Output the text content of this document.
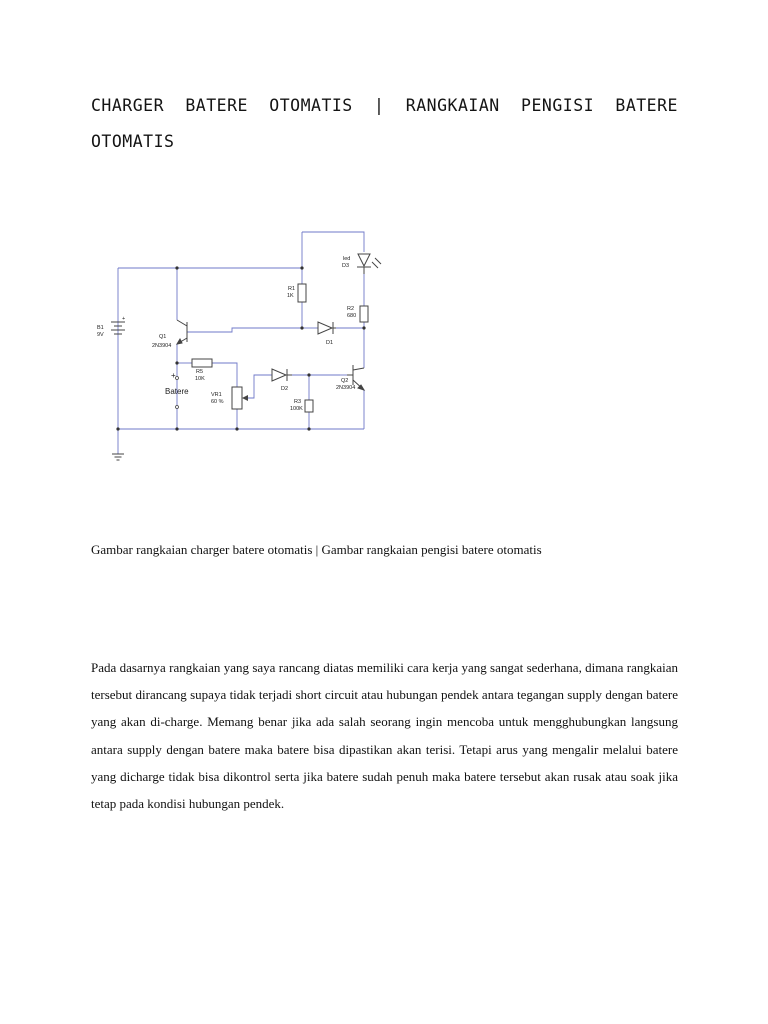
CHARGER BATERE OTOMATIS | RANGKAIAN PENGISI BATERE OTOMATIS
B1
9V
+
Q1
2N3904
R5
10K
+
Batere	VR1
60 %
R1
1K
led
D3
R2
680
D1
D2
R3
100K
Q2
2N3904

Gambar rangkaian charger batere otomatis | Gambar rangkaian pengisi batere otomatis

Pada dasarnya rangkaian yang saya rancang diatas memiliki cara kerja yang sangat sederhana, dimana rangkaian tersebut dirancang supaya tidak terjadi short circuit atau hubungan pendek antara tegangan supply dengan batere yang akan di-charge. Memang benar jika ada salah seorang ingin mencoba untuk mengghubungkan langsung antara supply dengan batere maka batere bisa dipastikan akan terisi. Tetapi arus yang mengalir melalui batere yang dicharge tidak bisa dikontrol serta jika batere sudah penuh maka batere tersebut akan rusak atau soak jika tetap pada kondisi hubungan pendek.
